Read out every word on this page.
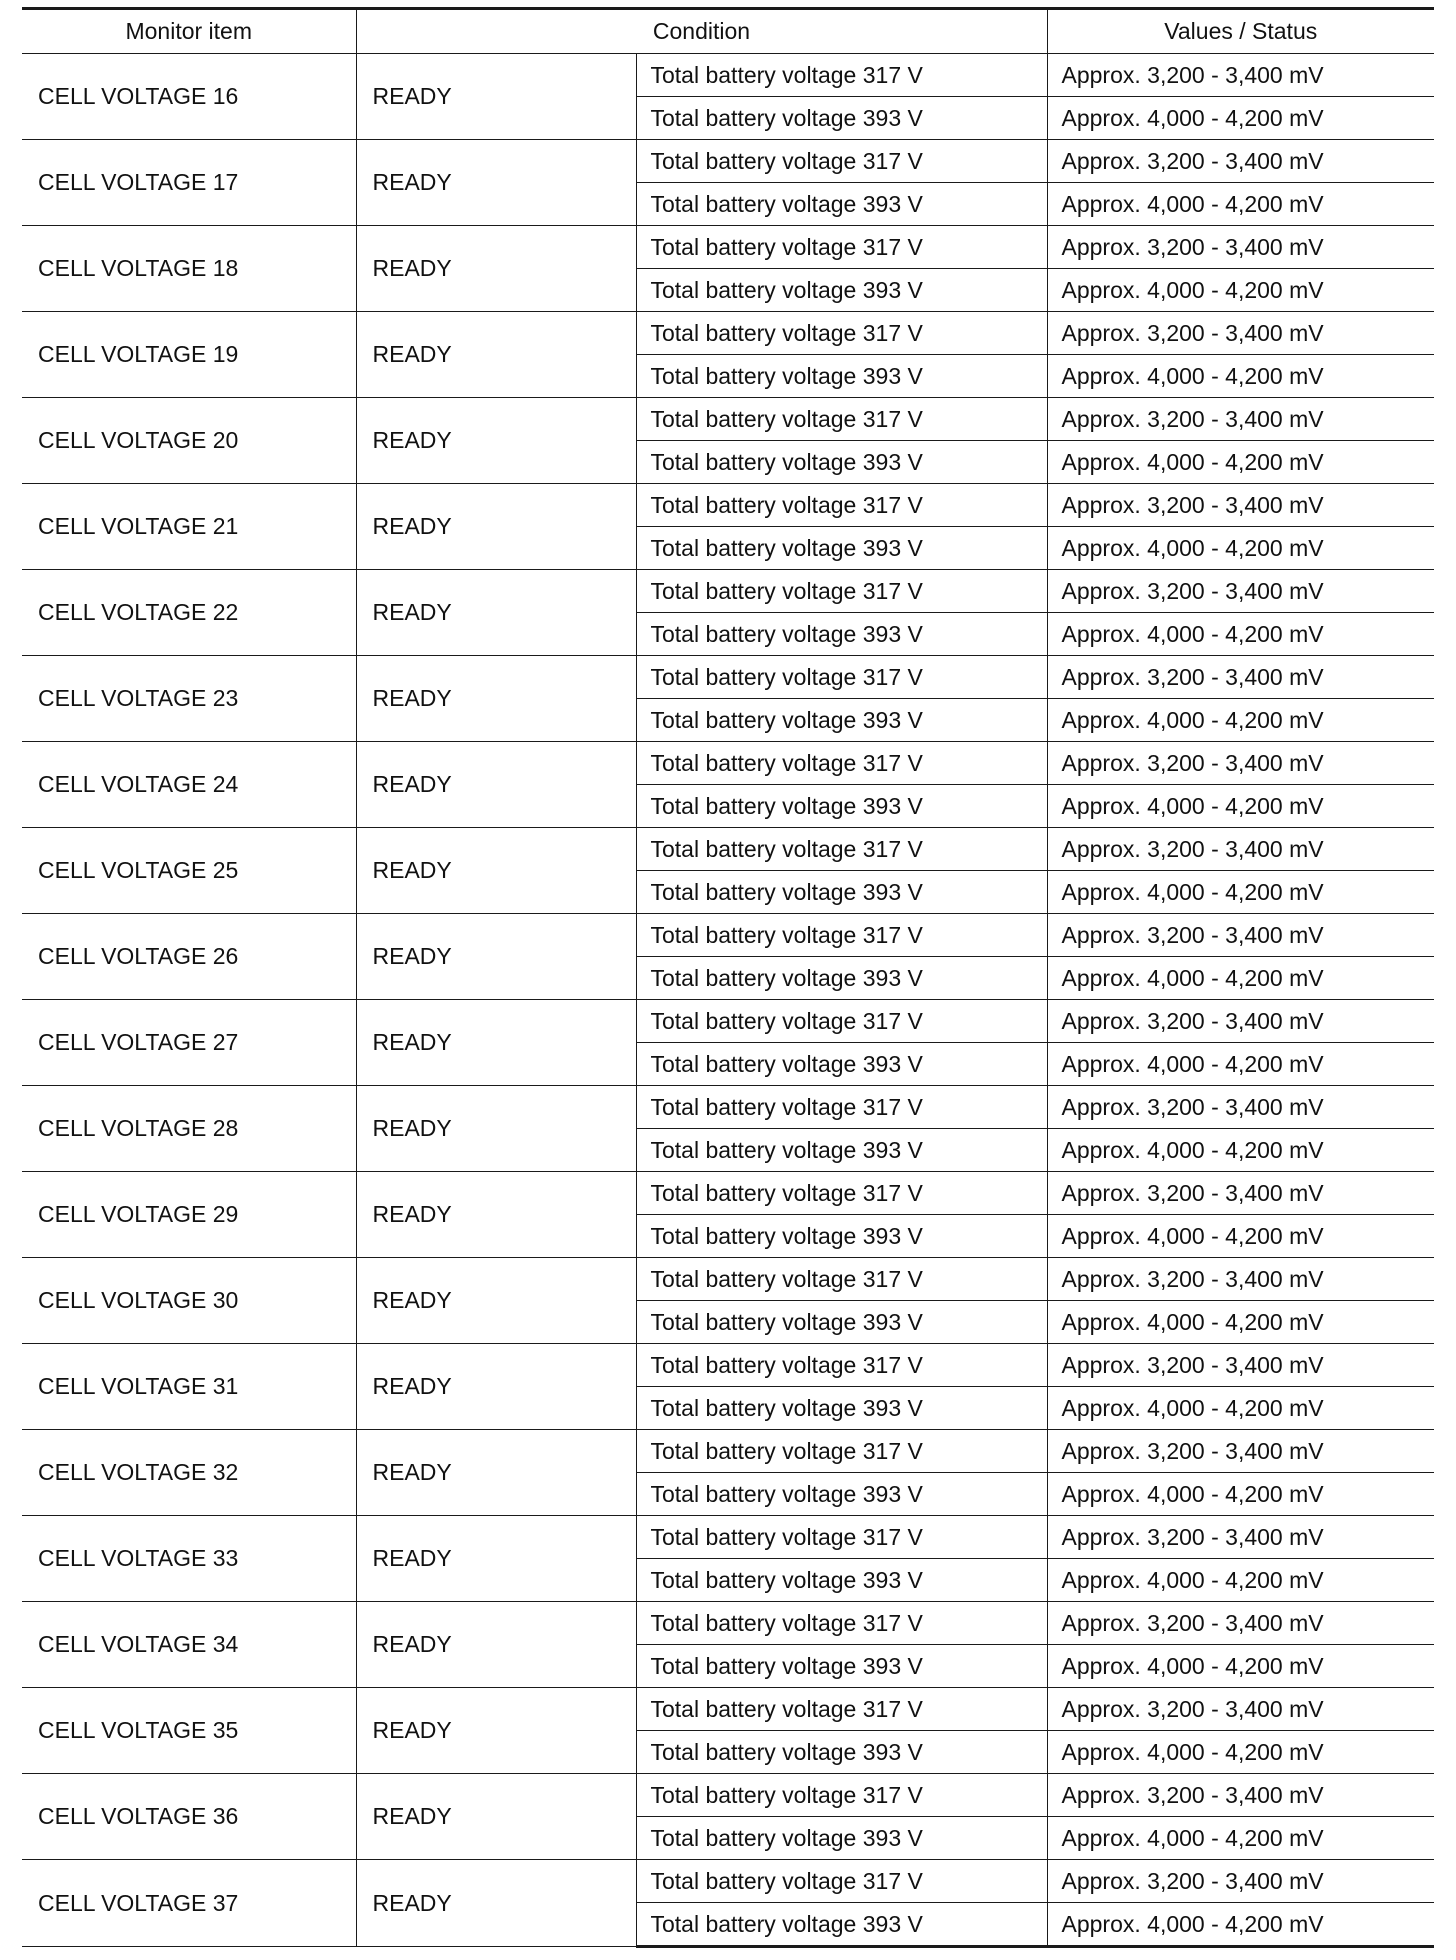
Monitor item	Condition		Values / Status
CELL VOLTAGE 16	READY	Total battery voltage 317 V	Approx. 3,200 - 3,400 mV
		Total battery voltage 393 V	Approx. 4,000 - 4,200 mV
CELL VOLTAGE 17	READY	Total battery voltage 317 V	Approx. 3,200 - 3,400 mV
		Total battery voltage 393 V	Approx. 4,000 - 4,200 mV
CELL VOLTAGE 18	READY	Total battery voltage 317 V	Approx. 3,200 - 3,400 mV
		Total battery voltage 393 V	Approx. 4,000 - 4,200 mV
CELL VOLTAGE 19	READY	Total battery voltage 317 V	Approx. 3,200 - 3,400 mV
		Total battery voltage 393 V	Approx. 4,000 - 4,200 mV
CELL VOLTAGE 20	READY	Total battery voltage 317 V	Approx. 3,200 - 3,400 mV
		Total battery voltage 393 V	Approx. 4,000 - 4,200 mV
CELL VOLTAGE 21	READY	Total battery voltage 317 V	Approx. 3,200 - 3,400 mV
		Total battery voltage 393 V	Approx. 4,000 - 4,200 mV
CELL VOLTAGE 22	READY	Total battery voltage 317 V	Approx. 3,200 - 3,400 mV
		Total battery voltage 393 V	Approx. 4,000 - 4,200 mV
CELL VOLTAGE 23	READY	Total battery voltage 317 V	Approx. 3,200 - 3,400 mV
		Total battery voltage 393 V	Approx. 4,000 - 4,200 mV
CELL VOLTAGE 24	READY	Total battery voltage 317 V	Approx. 3,200 - 3,400 mV
		Total battery voltage 393 V	Approx. 4,000 - 4,200 mV
CELL VOLTAGE 25	READY	Total battery voltage 317 V	Approx. 3,200 - 3,400 mV
		Total battery voltage 393 V	Approx. 4,000 - 4,200 mV
CELL VOLTAGE 26	READY	Total battery voltage 317 V	Approx. 3,200 - 3,400 mV
		Total battery voltage 393 V	Approx. 4,000 - 4,200 mV
CELL VOLTAGE 27	READY	Total battery voltage 317 V	Approx. 3,200 - 3,400 mV
		Total battery voltage 393 V	Approx. 4,000 - 4,200 mV
CELL VOLTAGE 28	READY	Total battery voltage 317 V	Approx. 3,200 - 3,400 mV
		Total battery voltage 393 V	Approx. 4,000 - 4,200 mV
CELL VOLTAGE 29	READY	Total battery voltage 317 V	Approx. 3,200 - 3,400 mV
		Total battery voltage 393 V	Approx. 4,000 - 4,200 mV
CELL VOLTAGE 30	READY	Total battery voltage 317 V	Approx. 3,200 - 3,400 mV
		Total battery voltage 393 V	Approx. 4,000 - 4,200 mV
CELL VOLTAGE 31	READY	Total battery voltage 317 V	Approx. 3,200 - 3,400 mV
		Total battery voltage 393 V	Approx. 4,000 - 4,200 mV
CELL VOLTAGE 32	READY	Total battery voltage 317 V	Approx. 3,200 - 3,400 mV
		Total battery voltage 393 V	Approx. 4,000 - 4,200 mV
CELL VOLTAGE 33	READY	Total battery voltage 317 V	Approx. 3,200 - 3,400 mV
		Total battery voltage 393 V	Approx. 4,000 - 4,200 mV
CELL VOLTAGE 34	READY	Total battery voltage 317 V	Approx. 3,200 - 3,400 mV
		Total battery voltage 393 V	Approx. 4,000 - 4,200 mV
CELL VOLTAGE 35	READY	Total battery voltage 317 V	Approx. 3,200 - 3,400 mV
		Total battery voltage 393 V	Approx. 4,000 - 4,200 mV
CELL VOLTAGE 36	READY	Total battery voltage 317 V	Approx. 3,200 - 3,400 mV
		Total battery voltage 393 V	Approx. 4,000 - 4,200 mV
CELL VOLTAGE 37	READY	Total battery voltage 317 V	Approx. 3,200 - 3,400 mV
		Total battery voltage 393 V	Approx. 4,000 - 4,200 mV
